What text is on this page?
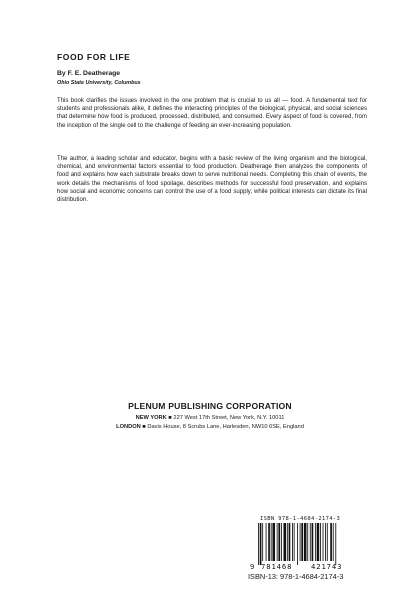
FOOD FOR LIFE
By F. E. Deatherage
Ohio State University, Columbus

This book clarifies the issues involved in the one problem that is crucial to us all — food. A fundamental text for students and professionals alike, it defines the interacting principles of the biological, physical, and social sciences that determine how food is produced, processed, distributed, and consumed. Every aspect of food is covered, from the inception of the single cell to the challenge of feeding an ever-increasing population.

The author, a leading scholar and educator, begins with a basic review of the living organism and the biological, chemical, and environmental factors essential to food production. Deatherage then analyzes the components of food and explains how each substrate breaks down to serve nutritional needs. Completing this chain of events, the work details the mechanisms of food spoilage, describes methods for successful food preservation, and explains how social and economic concerns can control the use of a food supply, while political interests can dictate its final distribution.

PLENUM PUBLISHING CORPORATION
NEW YORK ■ 227 West 17th Street, New York, N.Y. 10011
LONDON ■ Davis House, 8 Scrubs Lane, Harlesden, NW10 6SE, England
ISBN 978-1-4684-2174-3
9 781468	421743
ISBN-13: 978-1-4684-2174-3
